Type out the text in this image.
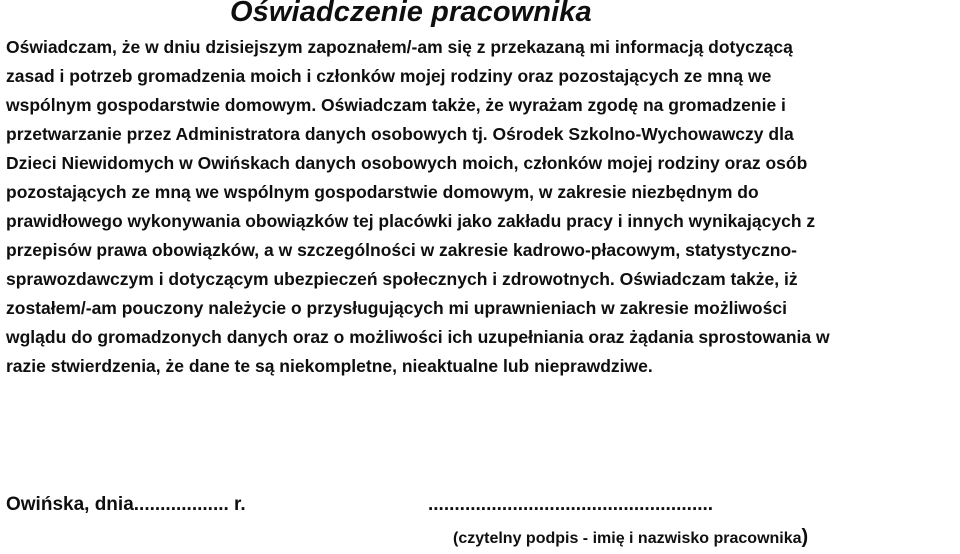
Oświadczenie pracownika
Oświadczam, że w dniu dzisiejszym zapoznałem/-am się z przekazaną mi informacją dotyczącą
zasad i potrzeb gromadzenia moich i członków mojej rodziny oraz pozostających ze mną we
wspólnym gospodarstwie domowym. Oświadczam także, że wyrażam zgodę na gromadzenie i
przetwarzanie przez Administratora danych osobowych tj. Ośrodek Szkolno-Wychowawczy dla
Dzieci Niewidomych w Owińskach danych osobowych moich, członków mojej rodziny oraz osób
pozostających ze mną we wspólnym gospodarstwie domowym, w zakresie niezbędnym do
prawidłowego wykonywania obowiązków tej placówki jako zakładu pracy i innych wynikających z
przepisów prawa obowiązków, a w szczególności w zakresie kadrowo-płacowym, statystyczno-
sprawozdawczym i dotyczącym ubezpieczeń społecznych i zdrowotnych. Oświadczam także, iż
zostałem/-am pouczony należycie o przysługujących mi uprawnieniach w zakresie możliwości
wglądu do gromadzonych danych oraz o możliwości ich uzupełniania oraz żądania sprostowania w
razie stwierdzenia, że dane te są niekompletne, nieaktualne lub nieprawdziwe.
Owińska, dnia.................. r.	......................................................
(czytelny podpis - imię i nazwisko pracownika)
